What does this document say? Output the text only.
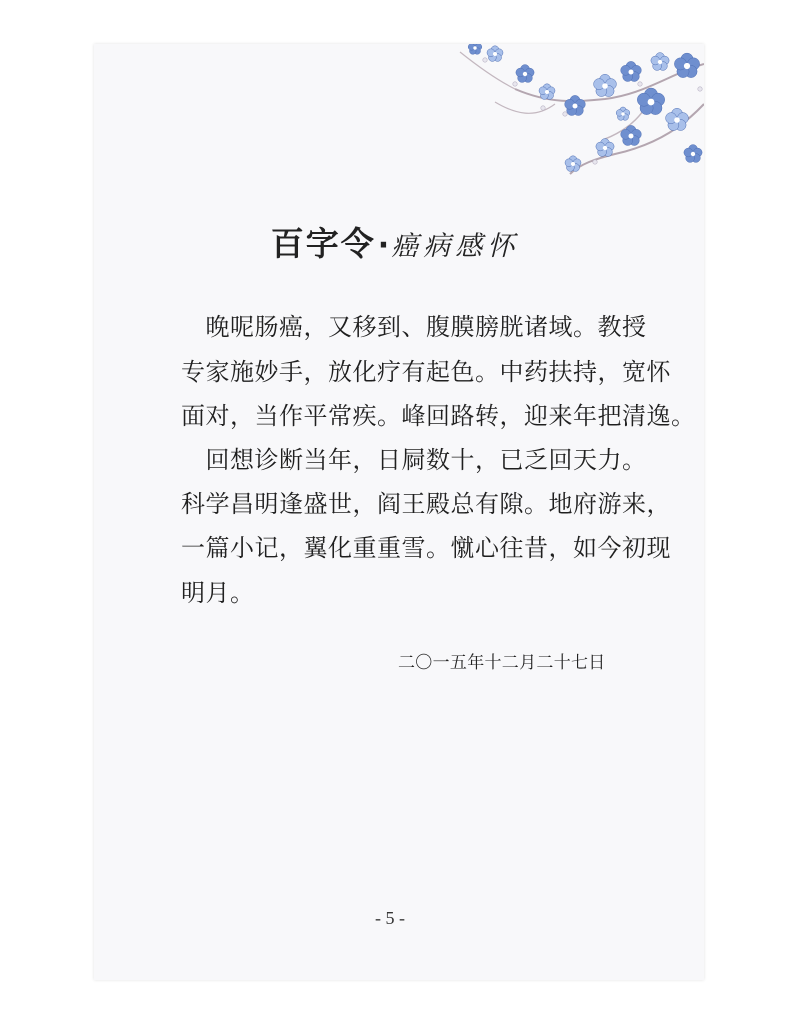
百字令·癌病感怀
　晚呢肠癌，又移到、腹膜膀胱诸域。教授
专家施妙手，放化疗有起色。中药扶持，宽怀
面对，当作平常疾。峰回路转，迎来年把清逸。
　回想诊断当年，日屙数十，已乏回天力。
科学昌明逢盛世，阎王殿总有隙。地府游来，
一篇小记，翼化重重雪。憱心往昔，如今初现
明月。
二〇一五年十二月二十七日
- 5 -
